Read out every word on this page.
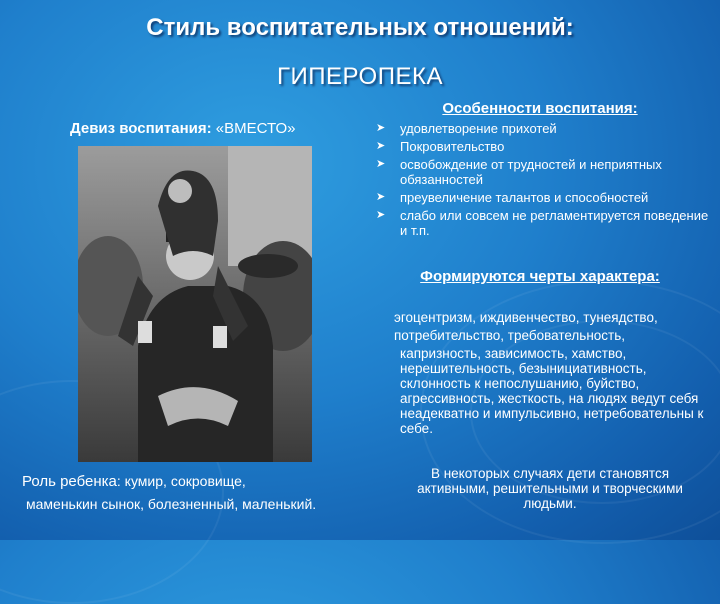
Стиль воспитательных отношений:
ГИПЕРОПЕКА
Девиз воспитания: «ВМЕСТО»
Роль ребенка: кумир, сокровище,
маменькин сынок, болезненный, маленький.
Особенности воспитания:
➤ удовлетворение прихотей
➤ Покровительство
➤ освобождение от трудностей и неприятных обязанностей
➤ преувеличение талантов и способностей
➤ слабо или совсем не регламентируется поведение и т.п.
Формируются черты характера:

эгоцентризм, иждивенчество, тунеядство,

потребительство, требовательность,

капризность, зависимость, хамство, нерешительность, безынициативность, склонность к непослушанию, буйство, агрессивность, жесткость, на людях ведут себя неадекватно и импульсивно, нетребовательны к себе.

В некоторых случаях дети становятся активными, решительными и творческими людьми.
